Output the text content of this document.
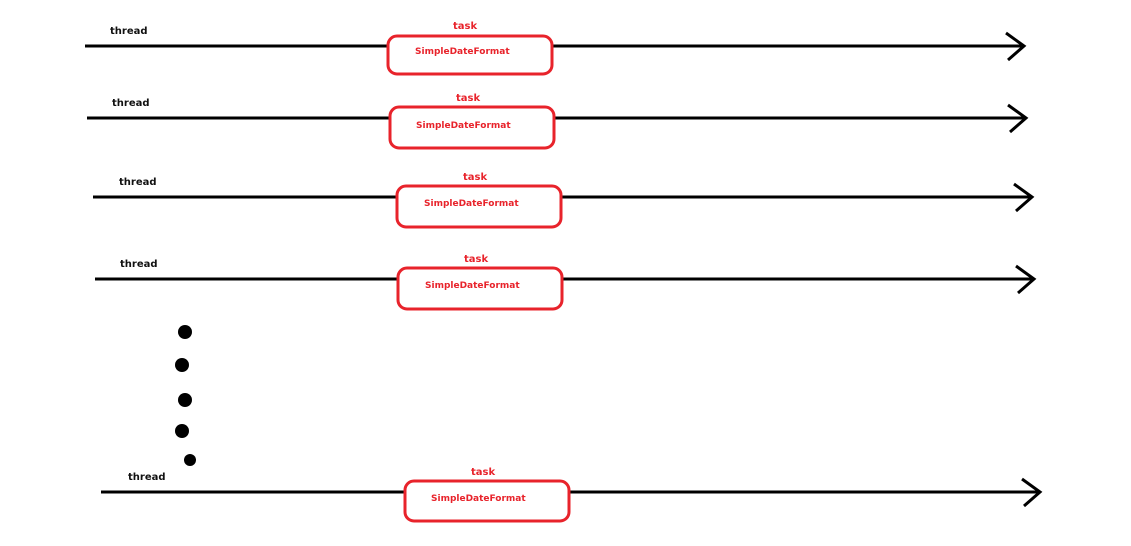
thread	task
SimpleDateFormat
thread	task
SimpleDateFormat
thread	task
SimpleDateFormat
thread	task
SimpleDateFormat
thread	task
SimpleDateFormat
